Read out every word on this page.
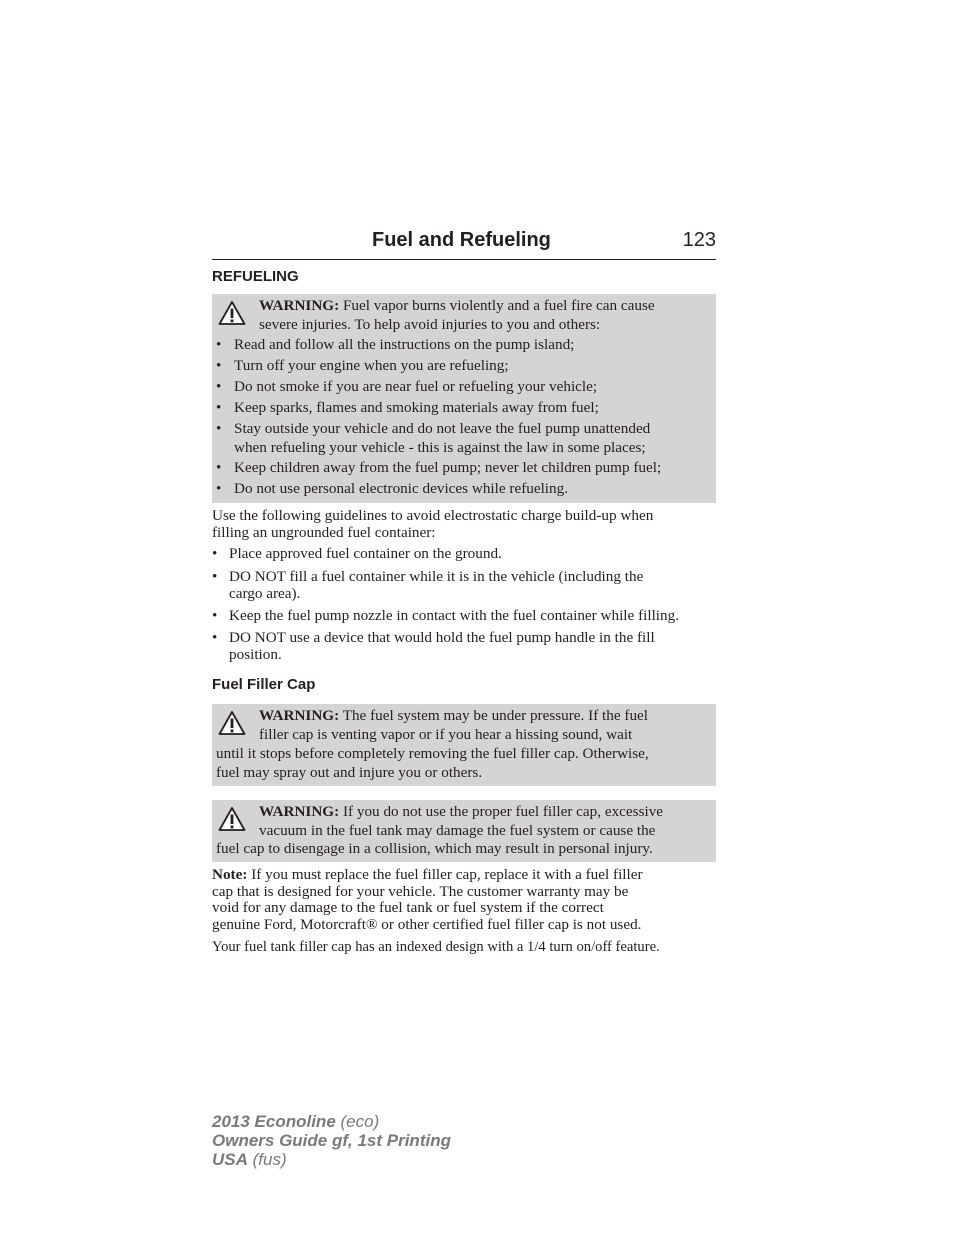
Fuel and Refueling	123
REFUELING
WARNING: Fuel vapor burns violently and a fuel fire can cause
severe injuries. To help avoid injuries to you and others:
• Read and follow all the instructions on the pump island;
• Turn off your engine when you are refueling;
• Do not smoke if you are near fuel or refueling your vehicle;
• Keep sparks, flames and smoking materials away from fuel;
• Stay outside your vehicle and do not leave the fuel pump unattended
when refueling your vehicle - this is against the law in some places;
• Keep children away from the fuel pump; never let children pump fuel;
• Do not use personal electronic devices while refueling.
Use the following guidelines to avoid electrostatic charge build-up when
filling an ungrounded fuel container:
• Place approved fuel container on the ground.
• DO NOT fill a fuel container while it is in the vehicle (including the
cargo area).
• Keep the fuel pump nozzle in contact with the fuel container while filling.
• DO NOT use a device that would hold the fuel pump handle in the fill
position.
Fuel Filler Cap
WARNING: The fuel system may be under pressure. If the fuel
filler cap is venting vapor or if you hear a hissing sound, wait
until it stops before completely removing the fuel filler cap. Otherwise,
fuel may spray out and injure you or others.
WARNING: If you do not use the proper fuel filler cap, excessive
vacuum in the fuel tank may damage the fuel system or cause the
fuel cap to disengage in a collision, which may result in personal injury.
Note: If you must replace the fuel filler cap, replace it with a fuel filler
cap that is designed for your vehicle. The customer warranty may be
void for any damage to the fuel tank or fuel system if the correct
genuine Ford, Motorcraft® or other certified fuel filler cap is not used.
Your fuel tank filler cap has an indexed design with a 1/4 turn on/off feature.
2013 Econoline (eco)
Owners Guide gf, 1st Printing
USA (fus)
